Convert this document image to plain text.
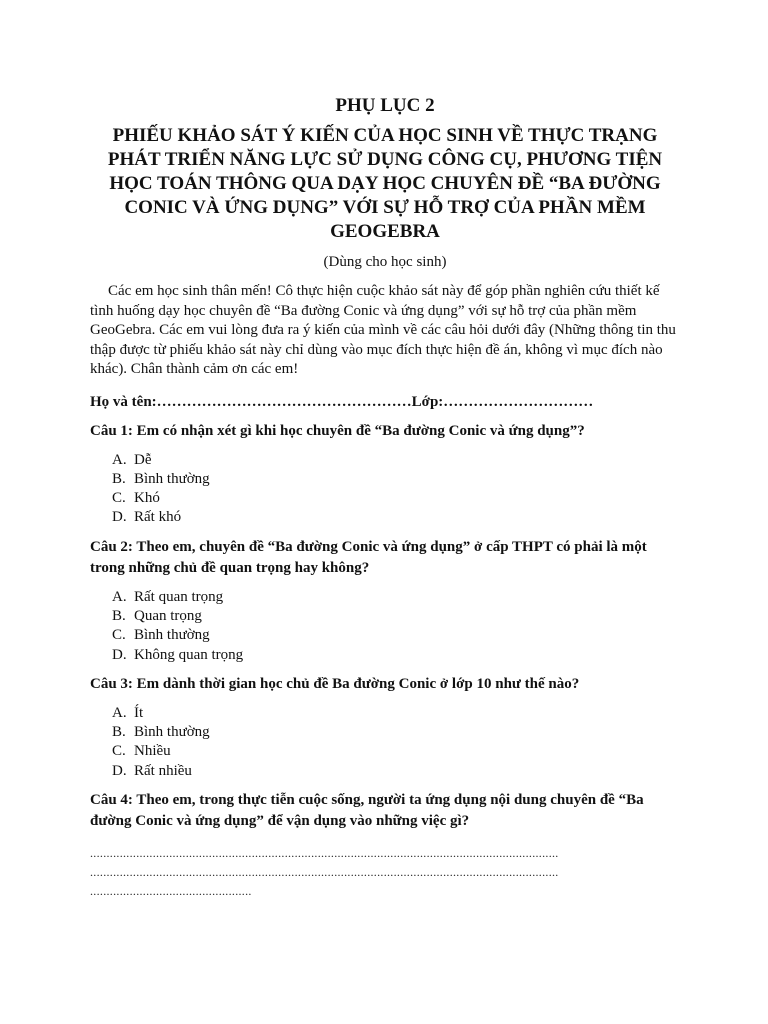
PHỤ LỤC 2
PHIẾU KHẢO SÁT Ý KIẾN CỦA HỌC SINH VỀ THỰC TRẠNG
PHÁT TRIỂN NĂNG LỰC SỬ DỤNG CÔNG CỤ, PHƯƠNG TIỆN
HỌC TOÁN THÔNG QUA DẠY HỌC CHUYÊN ĐỀ “BA ĐƯỜNG
CONIC VÀ ỨNG DỤNG” VỚI SỰ HỖ TRỢ CỦA PHẦN MỀM
GEOGEBRA
(Dùng cho học sinh)

Các em học sinh thân mến! Cô thực hiện cuộc khảo sát này để góp phần nghiên cứu thiết kế tình huống dạy học chuyên đề “Ba đường Conic và ứng dụng” với sự hỗ trợ của phần mềm GeoGebra. Các em vui lòng đưa ra ý kiến của mình về các câu hỏi dưới đây (Những thông tin thu thập được từ phiếu khảo sát này chỉ dùng vào mục đích thực hiện đề án, không vì mục đích nào khác). Chân thành cảm ơn các em!

Họ và tên:……………………………………………Lớp:…………………………
Câu 1: Em có nhận xét gì khi học chuyên đề “Ba đường Conic và ứng dụng”?
A. Dễ
B. Bình thường
C. Khó
D. Rất khó
Câu 2: Theo em, chuyên đề “Ba đường Conic và ứng dụng” ở cấp THPT có phải là một trong những chủ đề quan trọng hay không?
A. Rất quan trọng
B. Quan trọng
C. Bình thường
D. Không quan trọng
Câu 3: Em dành thời gian học chủ đề Ba đường Conic ở lớp 10 như thế nào?
A. Ít
B. Bình thường
C. Nhiều
D. Rất nhiều
Câu 4: Theo em, trong thực tiễn cuộc sống, người ta ứng dụng nội dung chuyên đề “Ba đường Conic và ứng dụng” để vận dụng vào những việc gì?
..............................................................................................................................................
..............................................................................................................................................
.................................................
